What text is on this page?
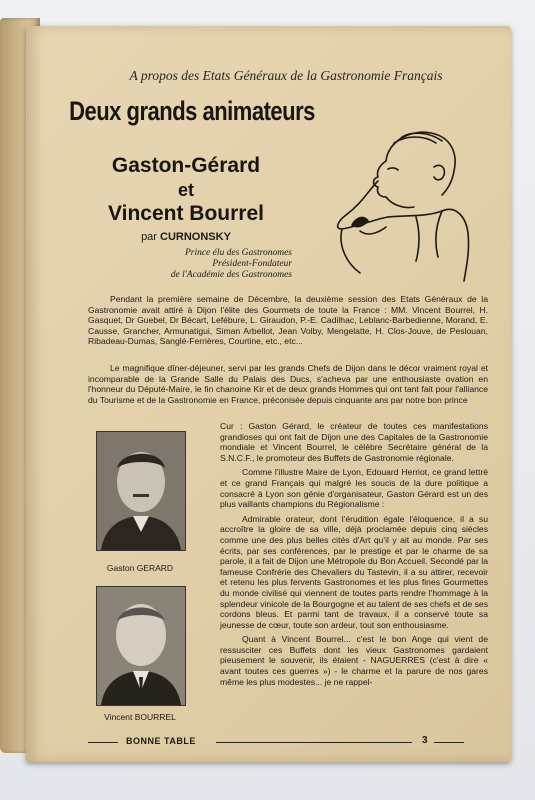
A propos des Etats Généraux de la Gastronomie Français
Deux grands animateurs
Gaston-Gérard
et
Vincent Bourrel
par CURNONSKY
Prince élu des Gastronomes
Président-Fondateur
de l'Académie des Gastronomes
Pendant la première semaine de Décembre, la deuxième session des Etats Généraux de la Gastronomie avait attiré à Dijon l'élite des Gourmets de toute la France : MM. Vincent Bourrel, H. Gasquet, Dr Guebel, Dr Bécart, Lefébure, L. Giraudon, P.-E. Cadilhac, Leblanc-Barbedienne, Morand, E. Causse, Grancher, Armunatigui, Siman Arbellot, Jean Volby, Mengelatte, H. Clos-Jouve, de Peslouan, Ribadeau-Dumas, Sanglé-Ferrières, Courtine, etc., etc...
Le magnifique dîner-déjeuner, servi par les grands Chefs de Dijon dans le décor vraiment royal et incomparable de la Grande Salle du Palais des Ducs, s'acheva par une enthousiaste ovation en l'honneur du Député-Maire, le fin chanoine Kir et de deux grands Hommes qui ont tant fait pour l'alliance du Tourisme et de la Gastronomie en France, préconisée depuis cinquante ans par notre bon prince

Cur : Gaston Gérard, le créateur de toutes ces manifestations grandioses qui ont fait de Dijon une des Capitales de la Gastronomie mondiale et Vincent Bourrel, le célèbre Secrétaire général de la S.N.C.F., le promoteur des Buffets de Gastronomie régionale.

Comme l'illustre Maire de Lyon, Edouard Herriot, ce grand lettré et ce grand Français qui malgré les soucis de la dure politique a consacré à Lyon son génie d'organisateur, Gaston Gérard est un des plus vaillants champions du Régionalisme :

Admirable orateur, dont l'érudition égale l'éloquence, il a su accroître la gloire de sa ville, déjà proclamée depuis cinq siècles comme une des plus belles cités d'Art qu'il y ait au monde. Par ses écrits, par ses conférences, par le prestige et par le charme de sa parole, il a fait de Dijon une Métropole du Bon Accueil. Secondé par la fameuse Confrérie des Chevaliers du Tastevin, il a su attirer, recevoir et retenu les plus fervents Gastronomes et les plus fines Gourmettes du monde civilisé qui viennent de toutes parts rendre l'hommage à la splendeur vinicole de la Bourgogne et au talent de ses chefs et de ses cordons bleus. Et parmi tant de travaux, il a conservé toute sa jeunesse de cœur, toute son ardeur, tout son enthousiasme.

Quant à Vincent Bourrel... c'est le bon Ange qui vient de ressusciter ces Buffets dont les vieux Gastronomes gardaient pieusement le souvenir, ils étaient - NAGUERRES (c'est à dire « avant toutes ces guerres ») - le charme et la parure de nos gares même les plus modestes... je ne rappel-

Gaston GERARD
Vincent BOURREL
BONNE TABLE	3
